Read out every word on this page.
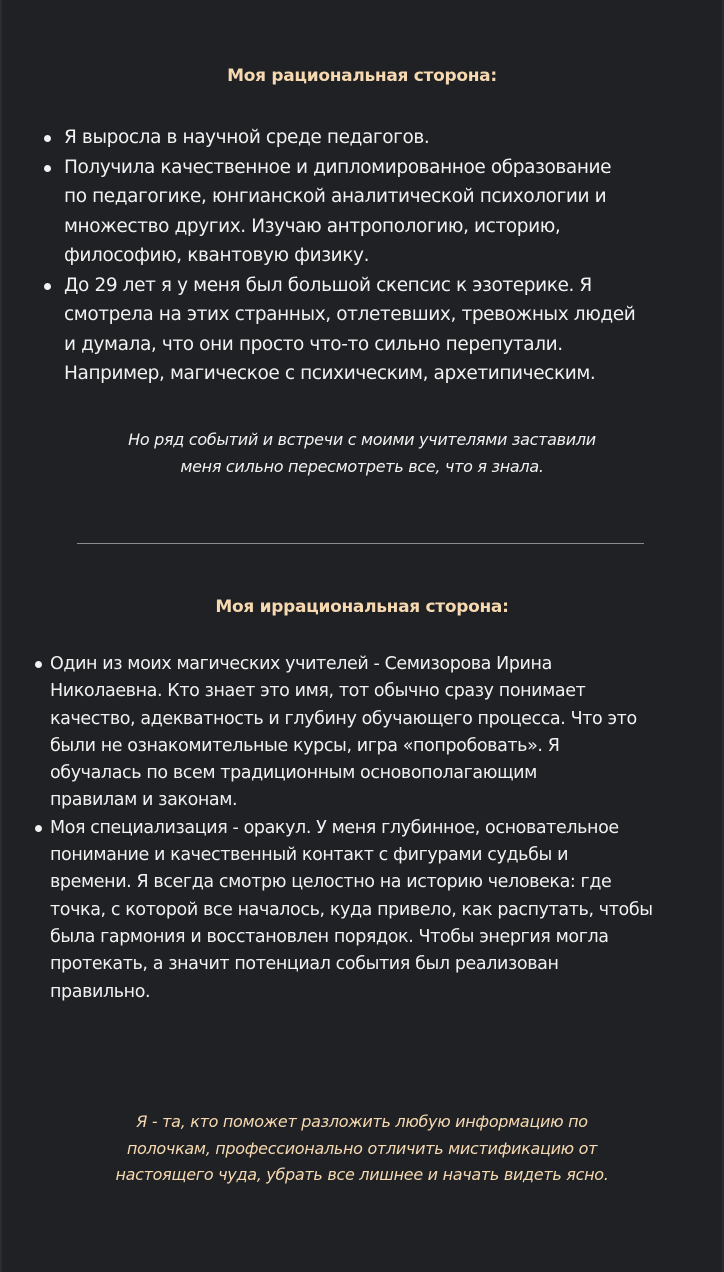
Моя рациональная сторона:
Я выросла в научной среде педагогов.
Получила качественное и дипломированное образование
по педагогике, юнгианской аналитической психологии и
множество других. Изучаю антропологию, историю,
философию, квантовую физику.
До 29 лет я у меня был большой скепсис к эзотерике. Я
смотрела на этих странных, отлетевших, тревожных людей
и думала, что они просто что-то сильно перепутали.
Например, магическое с психическим, архетипическим.
Но ряд событий и встречи с моими учителями заставили
меня сильно пересмотреть все, что я знала.
Моя иррациональная сторона:
Один из моих магических учителей - Семизорова Ирина
Николаевна. Кто знает это имя, тот обычно сразу понимает
качество, адекватность и глубину обучающего процесса. Что это
были не ознакомительные курсы, игра «попробовать». Я
обучалась по всем традиционным основополагающим
правилам и законам.
Моя специализация - оракул. У меня глубинное, основательное
понимание и качественный контакт с фигурами судьбы и
времени. Я всегда смотрю целостно на историю человека: где
точка, с которой все началось, куда привело, как распутать, чтобы
была гармония и восстановлен порядок. Чтобы энергия могла
протекать, а значит потенциал события был реализован
правильно.
Я - та, кто поможет разложить любую информацию по
полочкам, профессионально отличить мистификацию от
настоящего чуда, убрать все лишнее и начать видеть ясно.
